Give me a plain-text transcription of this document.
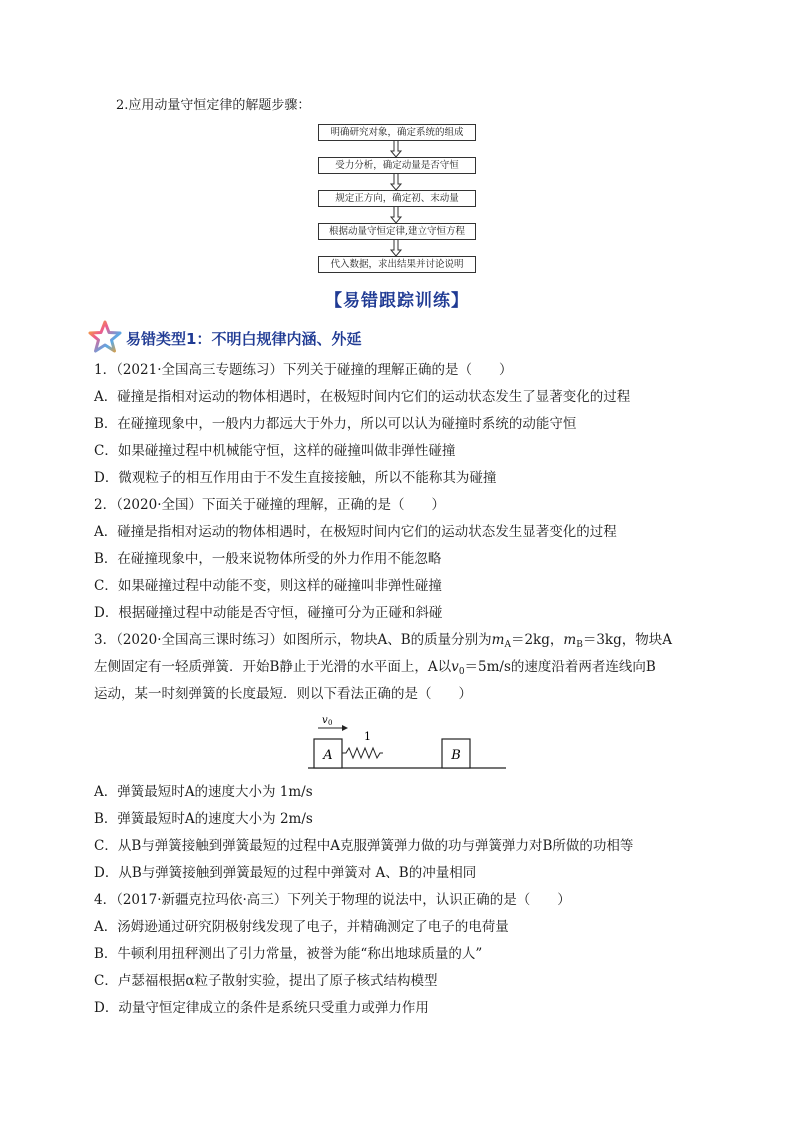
2.应用动量守恒定律的解题步骤：
明确研究对象，确定系统的组成
受力分析，确定动量是否守恒
规定正方向，确定初、末动量
根据动量守恒定律,建立守恒方程
代入数据，求出结果并讨论说明
【易错跟踪训练】
易错类型1：不明白规律内涵、外延
1．（2021·全国高三专题练习）下列关于碰撞的理解正确的是（　　）
A．碰撞是指相对运动的物体相遇时，在极短时间内它们的运动状态发生了显著变化的过程
B．在碰撞现象中，一般内力都远大于外力，所以可以认为碰撞时系统的动能守恒
C．如果碰撞过程中机械能守恒，这样的碰撞叫做非弹性碰撞
D．微观粒子的相互作用由于不发生直接接触，所以不能称其为碰撞
2．（2020·全国）下面关于碰撞的理解，正确的是（　　）
A．碰撞是指相对运动的物体相遇时，在极短时间内它们的运动状态发生显著变化的过程
B．在碰撞现象中，一般来说物体所受的外力作用不能忽略
C．如果碰撞过程中动能不变，则这样的碰撞叫非弹性碰撞
D．根据碰撞过程中动能是否守恒，碰撞可分为正碰和斜碰
3．（2020·全国高三课时练习）如图所示，物块A、B的质量分别为$m_A=2kg$，$m_B=3kg$，物块A
左侧固定有一轻质弹簧．开始B静止于光滑的水平面上，A以$v_0=5m/s$的速度沿着两者连线向B
运动，某一时刻弹簧的长度最短．则以下看法正确的是（　　）
A	B
v 0
1
A．弹簧最短时A的速度大小为 1m/s
B．弹簧最短时A的速度大小为 2m/s
C．从B与弹簧接触到弹簧最短的过程中A克服弹簧弹力做的功与弹簧弹力对B所做的功相等
D．从B与弹簧接触到弹簧最短的过程中弹簧对 A、B的冲量相同
4．（2017·新疆克拉玛依·高三）下列关于物理的说法中，认识正确的是（　　）
A．汤姆逊通过研究阴极射线发现了电子，并精确测定了电子的电荷量
B．牛顿利用扭秤测出了引力常量，被誉为能“称出地球质量的人”
C．卢瑟福根据α粒子散射实验，提出了原子核式结构模型
D．动量守恒定律成立的条件是系统只受重力或弹力作用
